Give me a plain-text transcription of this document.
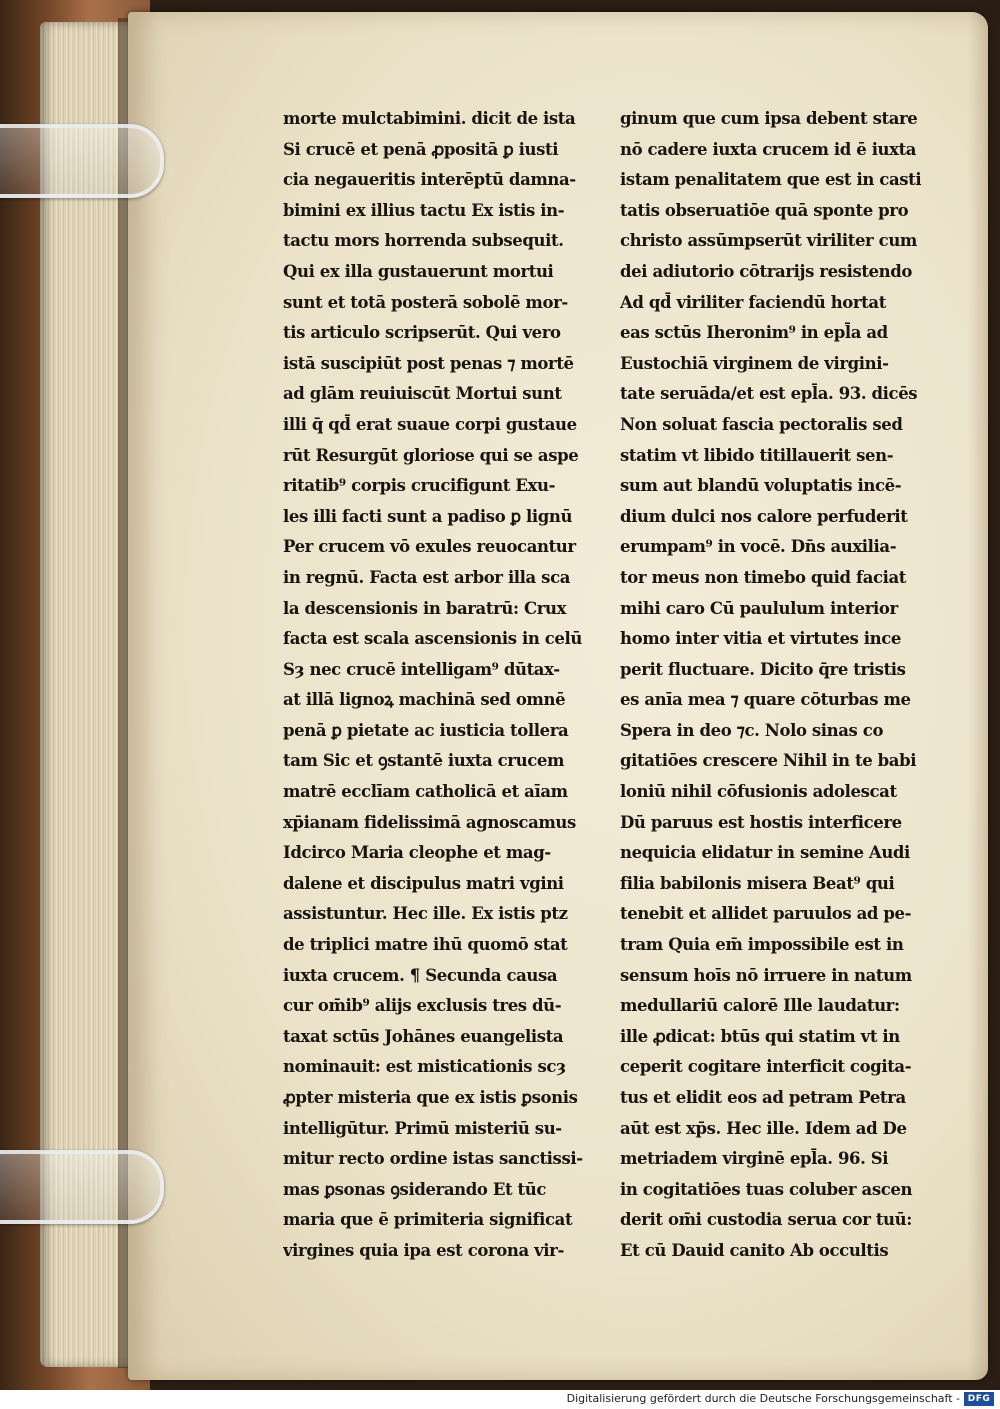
morte mulctabimini. dicit de ista
Si crucē et penā ꝓpositā ꝑ iusti
cia negaueritis interēptū damna-
bimini ex illius tactu Ex istis in-
tactu mors horrenda subsequit.
Qui ex illa gustauerunt mortui
sunt et totā posterā sobolē mor-
tis articulo scripserūt. Qui vero
istā suscipiūt post penas ⁊ mortē
ad glām reuiuiscūt Mortui sunt
illi q̄ qd̄ erat suaue corpi gustaue
rūt Resurgūt gloriose qui se aspe
ritatib⁹ corpis crucifigunt Exu-
les illi facti sunt a padiso ꝑ lignū
Per crucem vō exules reuocantur
in regnū. Facta est arbor illa sca
la descensionis in baratrū: Crux
facta est scala ascensionis in celū
Sȝ nec crucē intelligam⁹ dūtax-
at illā lignoꝝ machinā sed omnē
penā ꝑ pietate ac iusticia tollera
tam Sic et ꝯstantē iuxta crucem
matrē ecclīam catholicā et aīam
xp̄ianam fidelissimā agnoscamus
Idcirco Maria cleophe et mag-
dalene et discipulus matri vgini
assistuntur. Hec ille. Ex istis ptz
de triplici matre ihū quomō stat
iuxta crucem. ¶ Secunda causa
cur om̄ib⁹ alijs exclusis tres dū-
taxat sctūs Johānes euangelista
nominauit: est misticationis scȝ
ꝓpter misteria que ex istis ꝑsonis
intelligūtur. Primū misteriū su-
mitur recto ordine istas sanctissi-
mas ꝑsonas ꝯsiderando Et tūc
maria que ē primiteria significat
virgines quia ipa est corona vir-
ginum que cum ipsa debent stare
nō cadere iuxta crucem id ē iuxta
istam penalitatem que est in casti
tatis obseruatiōe quā sponte pro
christo assūmpserūt viriliter cum
dei adiutorio cōtrarijs resistendo
Ad qd̄ viriliter faciendū hortat
eas sctūs Iheronim⁹ in epl̄a ad
Eustochiā virginem de virgini-
tate seruāda/et est epl̄a. 93. dicēs
Non soluat fascia pectoralis sed
statim vt libido titillauerit sen-
sum aut blandū voluptatis incē-
dium dulci nos calore perfuderit
erumpam⁹ in vocē. Dn̄s auxilia-
tor meus non timebo quid faciat
mihi caro Cū paululum interior
homo inter vitia et virtutes ince
perit fluctuare. Dicito q̄re tristis
es anīa mea ⁊ quare cōturbas me
Spera in deo ⁊c. Nolo sinas co
gitatiōes crescere Nihil in te babi
loniū nihil cōfusionis adolescat
Dū paruus est hostis interficere
nequicia elidatur in semine Audi
filia babilonis misera Beat⁹ qui
tenebit et allidet paruulos ad pe-
tram Quia em̄ impossibile est in
sensum hoīs nō irruere in natum
medullariū calorē Ille laudatur:
ille ꝓdicat: btūs qui statim vt in
ceperit cogitare interficit cogita-
tus et elidit eos ad petram Petra
aūt est xp̄s. Hec ille. Idem ad De
metriadem virginē epl̄a. 96. Si
in cogitatiōes tuas coluber ascen
derit om̄i custodia serua cor tuū:
Et cū Dauid canito Ab occultis
Digitalisierung gefördert durch die Deutsche Forschungsgemeinschaft - DFG
